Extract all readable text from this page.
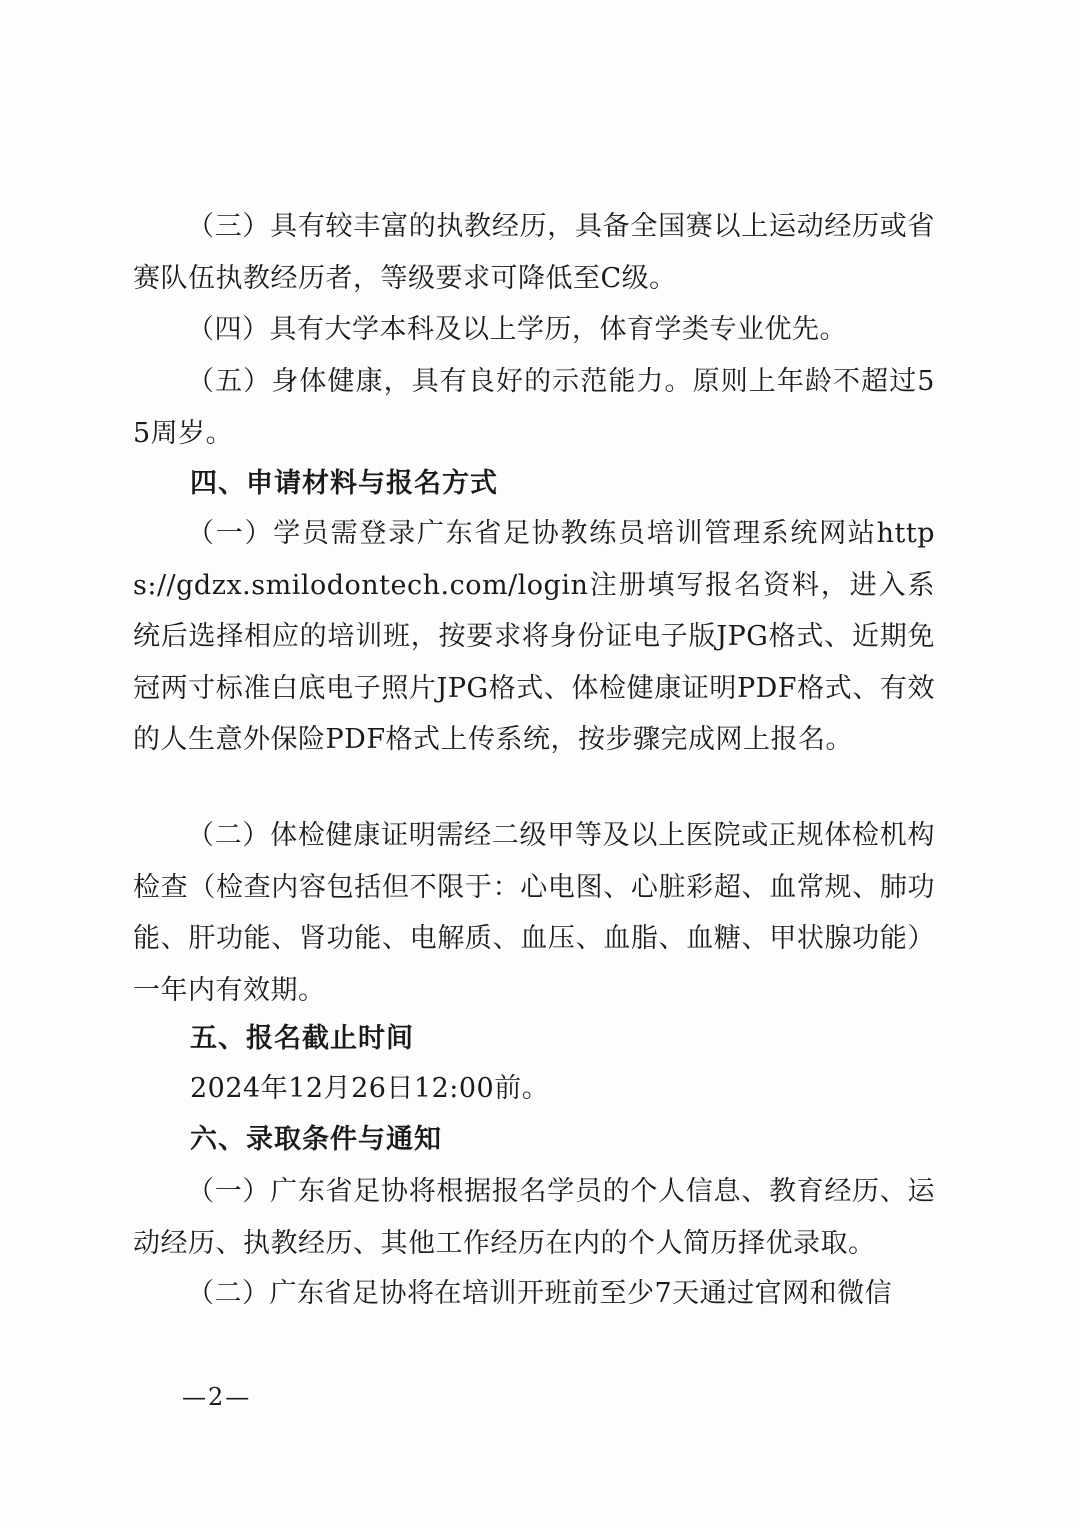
（三）具有较丰富的执教经历，具备全国赛以上运动经历或省赛队伍执教经历者，等级要求可降低至C级。
（四）具有大学本科及以上学历，体育学类专业优先。
（五）身体健康，具有良好的示范能力。原则上年龄不超过55周岁。
四、申请材料与报名方式
（一）学员需登录广东省足协教练员培训管理系统网站https://gdzx.smilodontech.com/login注册填写报名资料，进入系统后选择相应的培训班，按要求将身份证电子版JPG格式、近期免冠两寸标准白底电子照片JPG格式、体检健康证明PDF格式、有效的人生意外保险PDF格式上传系统，按步骤完成网上报名。
（二）体检健康证明需经二级甲等及以上医院或正规体检机构检查（检查内容包括但不限于：心电图、心脏彩超、血常规、肺功能、肝功能、肾功能、电解质、血压、血脂、血糖、甲状腺功能）一年内有效期。
五、报名截止时间
2024年12月26日12:00前。
六、录取条件与通知
（一）广东省足协将根据报名学员的个人信息、教育经历、运动经历、执教经历、其他工作经历在内的个人简历择优录取。
（二）广东省足协将在培训开班前至少7天通过官网和微信
—2—
